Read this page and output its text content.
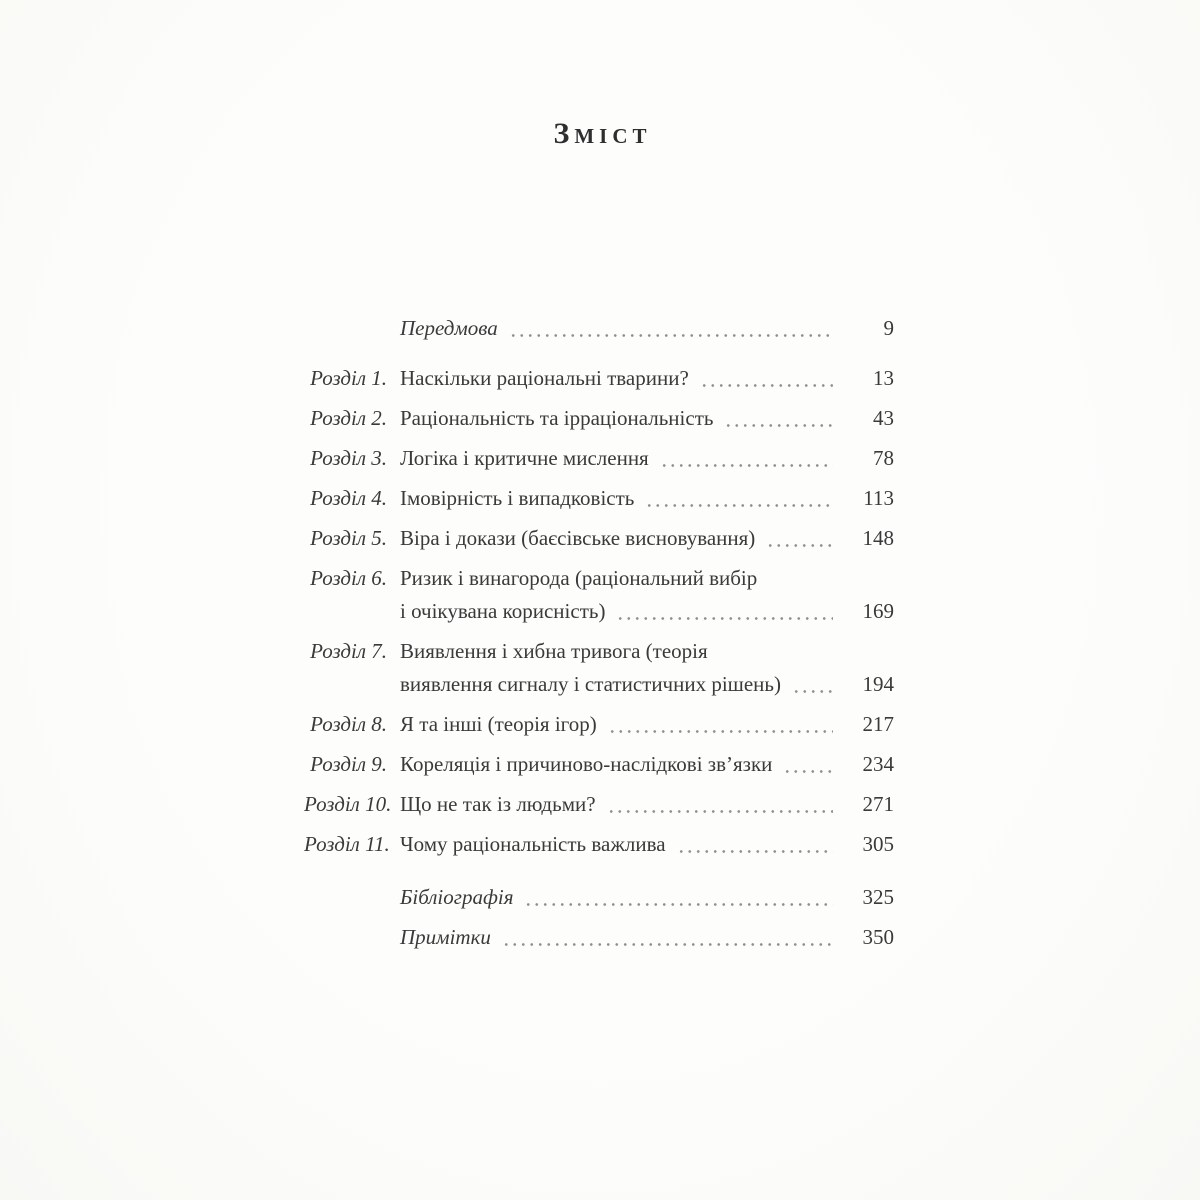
Зміст
Передмова	9
Розділ 1. Наскільки раціональні тварини?	13
Розділ 2. Раціональність та ірраціональність	43
Розділ 3. Логіка і критичне мислення	78
Розділ 4. Імовірність і випадковість	113
Розділ 5. Віра і докази (баєсівське висновування)	148
Розділ 6. Ризик і винагорода (раціональний вибір
і очікувана корисність)	169
Розділ 7. Виявлення і хибна тривога (теорія
виявлення сигналу і статистичних рішень)	194
Розділ 8. Я та інші (теорія ігор)	217
Розділ 9. Кореляція і причиново-наслідкові зв’язки	234
Розділ 10. Що не так із людьми?	271
Розділ 11. Чому раціональність важлива	305
Бібліографія	325
Примітки	350
